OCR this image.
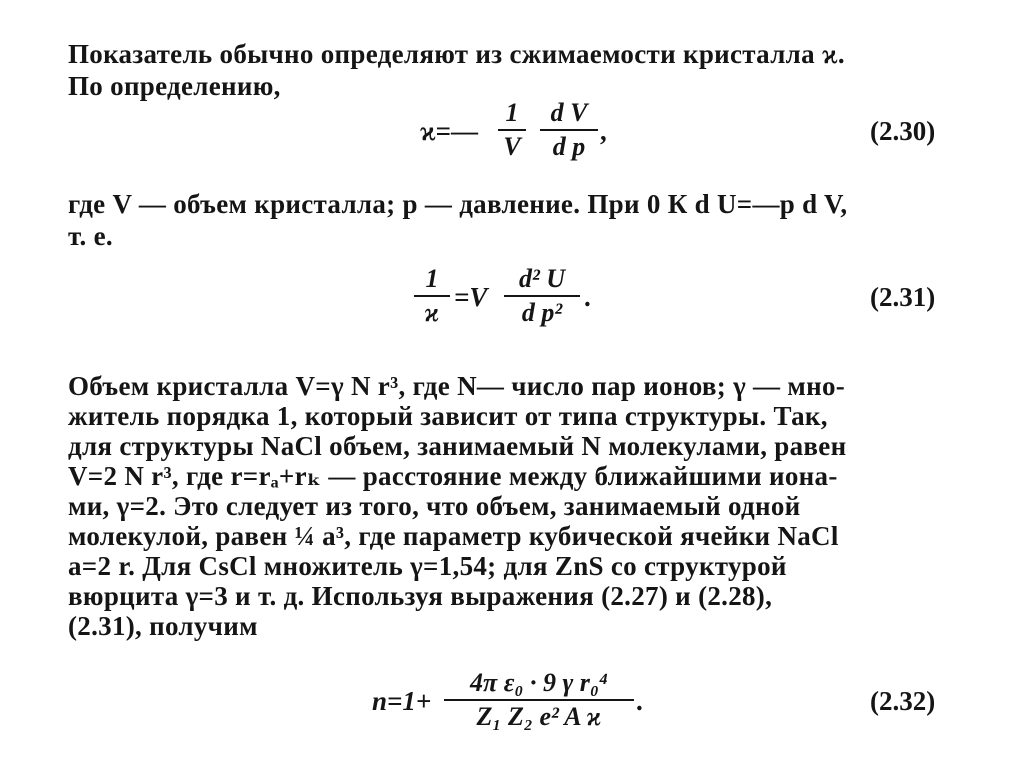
Показатель обычно определяют из сжимаемости кристалла ϰ.
По определению,
ϰ=—
1
V
d V
d p
,	(2.30)
где V — объем кристалла; p — давление. При 0 К d U=—p d V,
т. е.
1
ϰ
=V
d² U
d p²
.	(2.31)
Объем кристалла V=γ N r³, где N— число пар ионов; γ — мно-
житель порядка 1, который зависит от типа структуры. Так,
для структуры NaCl объем, занимаемый N молекулами, равен
V=2 N r³, где r=rₐ+rₖ — расстояние между ближайшими иона-
ми, γ=2. Это следует из того, что объем, занимаемый одной
молекулой, равен ¼ a³, где параметр кубической ячейки NaCl
a=2 r. Для CsCl множитель γ=1,54; для ZnS со структурой
вюрцита γ=3 и т. д. Используя выражения (2.27) и (2.28),
(2.31), получим
n=1+
4π ε₀ · 9 γ r₀⁴
Z₁ Z₂ e² A ϰ
.	(2.32)
